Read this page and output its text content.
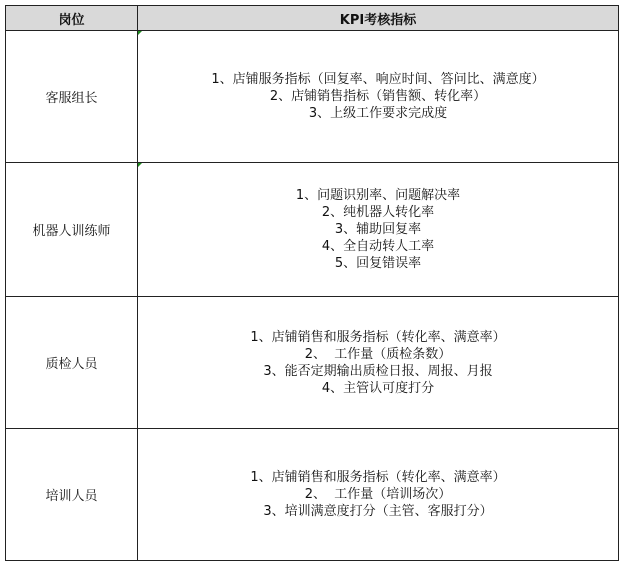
岗位	KPI考核指标
客服组长	1、店铺服务指标（回复率、响应时间、答问比、满意度）
2、店铺销售指标（销售额、转化率）
3、上级工作要求完成度

机器人训练师	1、问题识别率、问题解决率
2、纯机器人转化率
3、辅助回复率
4、全自动转人工率
5、回复错误率

质检人员	1、店铺销售和服务指标（转化率、满意率）
2、  工作量（质检条数）
3、能否定期输出质检日报、周报、月报
4、主管认可度打分

培训人员	1、店铺销售和服务指标（转化率、满意率）
2、  工作量（培训场次）
3、培训满意度打分（主管、客服打分）
